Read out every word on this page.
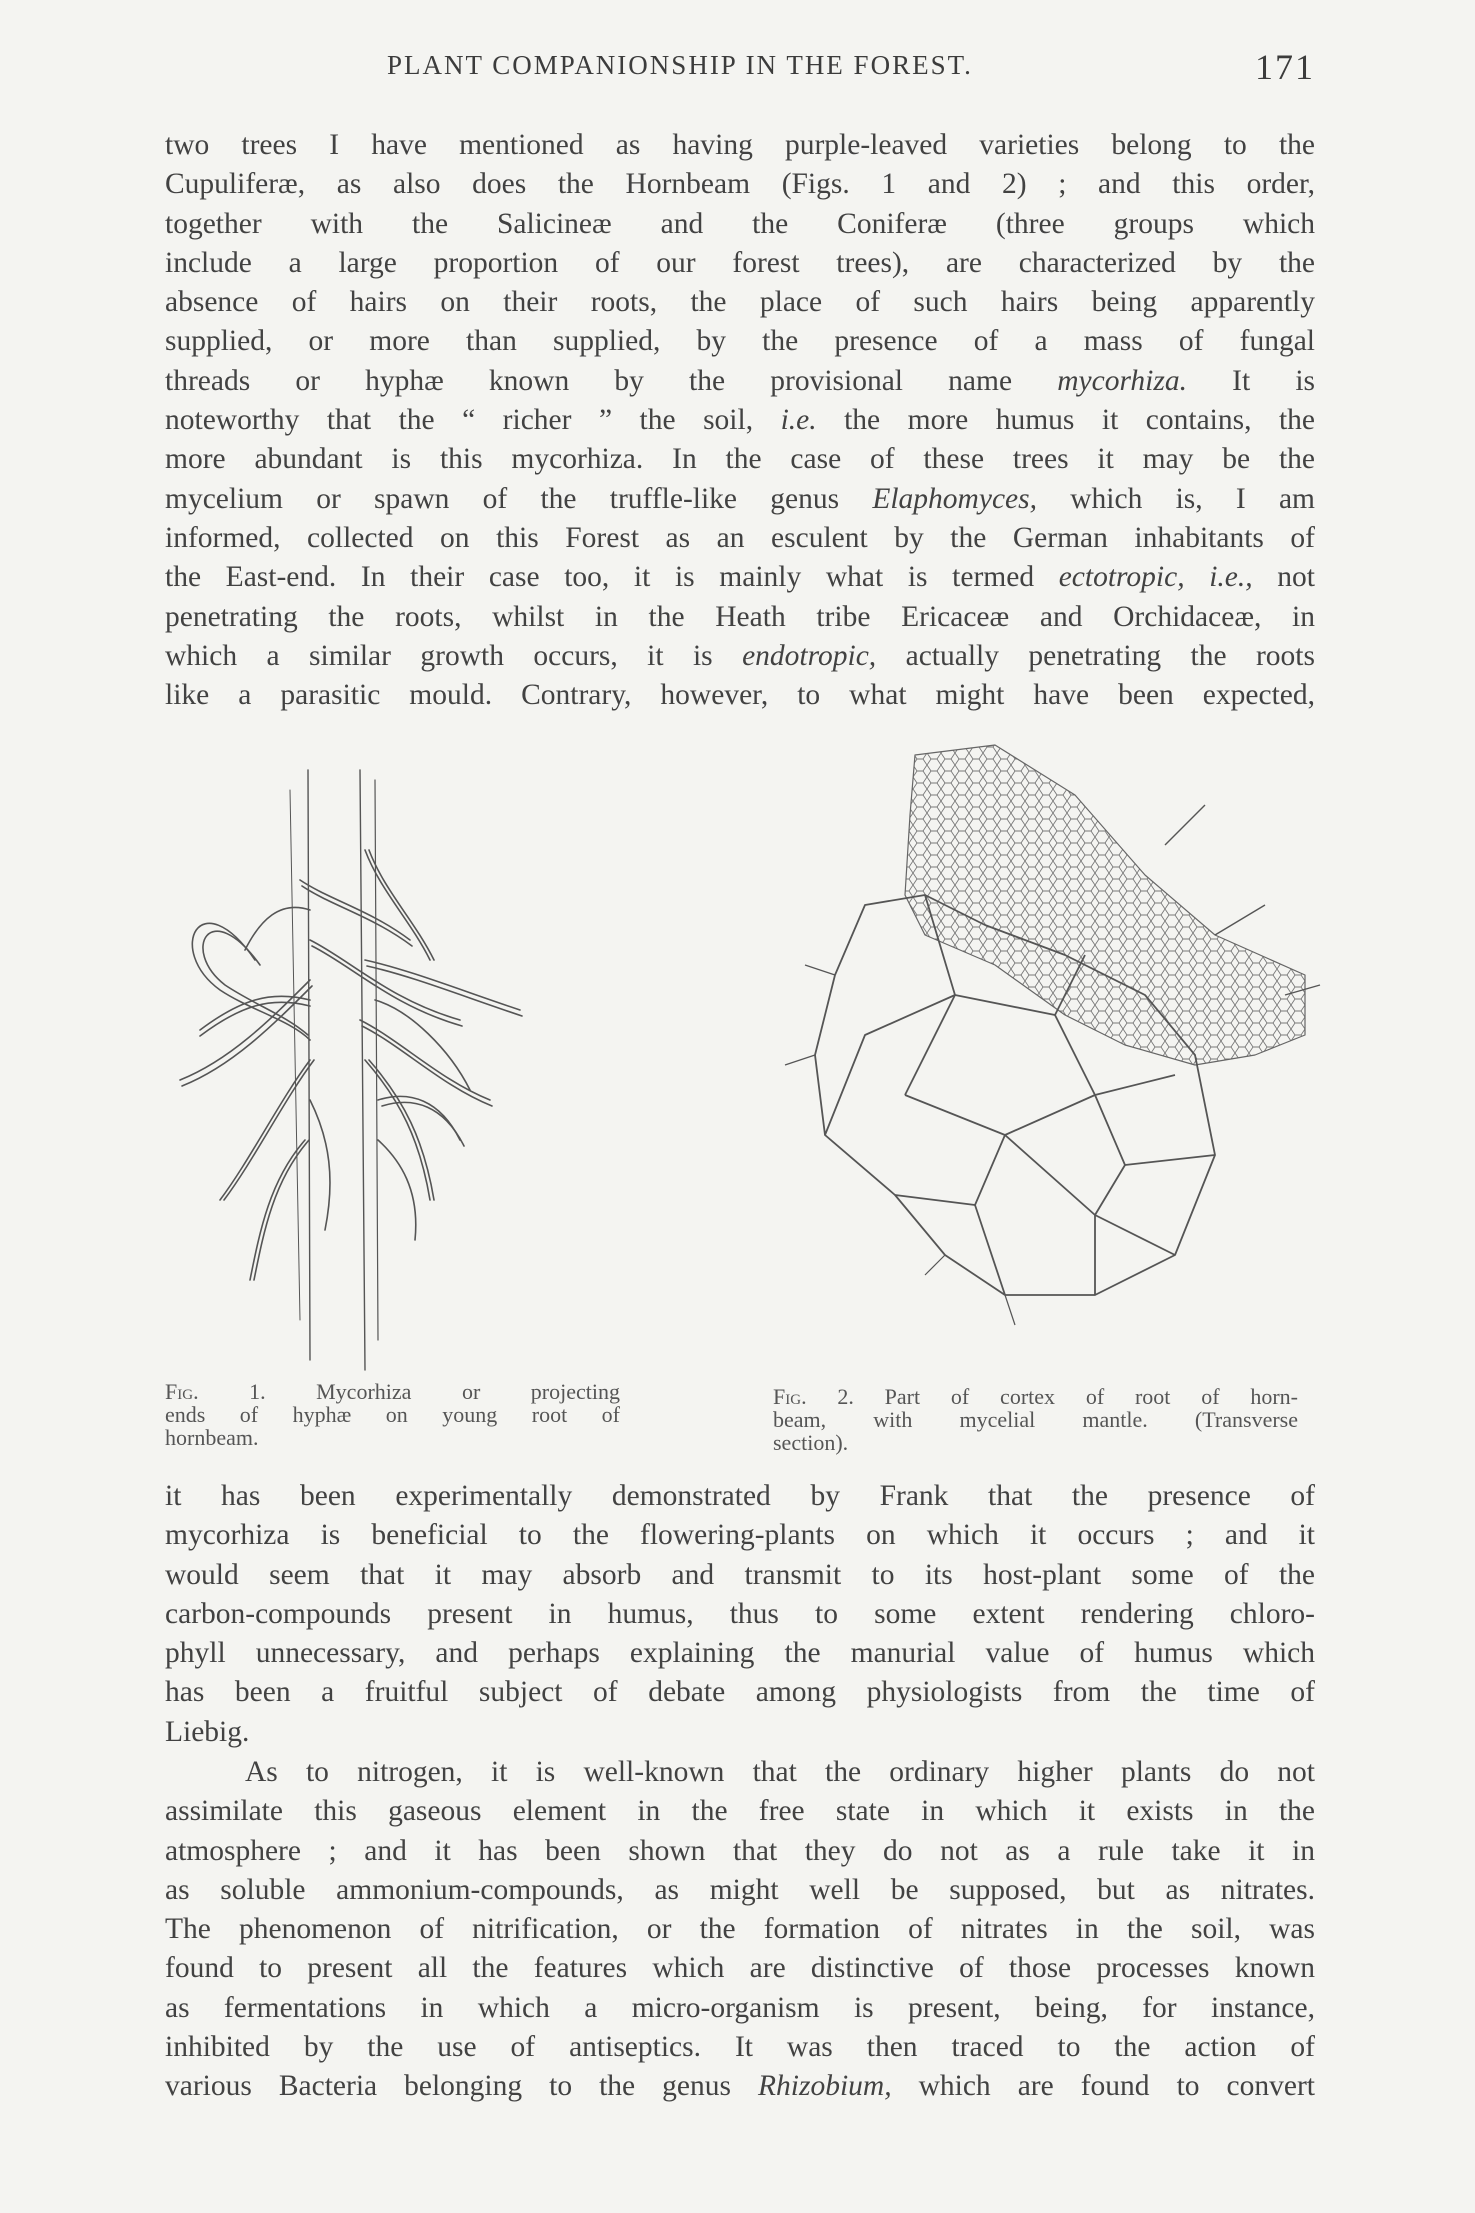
PLANT COMPANIONSHIP IN THE FOREST.	171
two trees I have mentioned as having purple-leaved varieties belong to the
Cupuliferæ, as also does the Hornbeam (Figs. 1 and 2) ; and this order,
together with the Salicineæ and the Coniferæ (three groups which
include a large proportion of our forest trees), are characterized by the
absence of hairs on their roots, the place of such hairs being apparently
supplied, or more than supplied, by the presence of a mass of fungal
threads or hyphæ known by the provisional name mycorhiza. It is
noteworthy that the “ richer ” the soil, i.e. the more humus it contains, the
more abundant is this mycorhiza. In the case of these trees it may be the
mycelium or spawn of the truffle-like genus Elaphomyces, which is, I am
informed, collected on this Forest as an esculent by the German inhabitants of
the East-end. In their case too, it is mainly what is termed ectotropic, i.e., not
penetrating the roots, whilst in the Heath tribe Ericaceæ and Orchidaceæ, in
which a similar growth occurs, it is endotropic, actually penetrating the roots
like a parasitic mould. Contrary, however, to what might have been expected,
Fig. 1. Mycorhiza or projecting
ends of hyphæ on young root of
hornbeam.
Fig. 2. Part of cortex of root of horn-
beam, with mycelial mantle. (Transverse
section).
it has been experimentally demonstrated by Frank that the presence of
mycorhiza is beneficial to the flowering-plants on which it occurs ; and it
would seem that it may absorb and transmit to its host-plant some of the
carbon-compounds present in humus, thus to some extent rendering chloro-
phyll unnecessary, and perhaps explaining the manurial value of humus which
has been a fruitful subject of debate among physiologists from the time of
Liebig.
As to nitrogen, it is well-known that the ordinary higher plants do not
assimilate this gaseous element in the free state in which it exists in the
atmosphere ; and it has been shown that they do not as a rule take it in
as soluble ammonium-compounds, as might well be supposed, but as nitrates.
The phenomenon of nitrification, or the formation of nitrates in the soil, was
found to present all the features which are distinctive of those processes known
as fermentations in which a micro-organism is present, being, for instance,
inhibited by the use of antiseptics. It was then traced to the action of
various Bacteria belonging to the genus Rhizobium, which are found to convert
